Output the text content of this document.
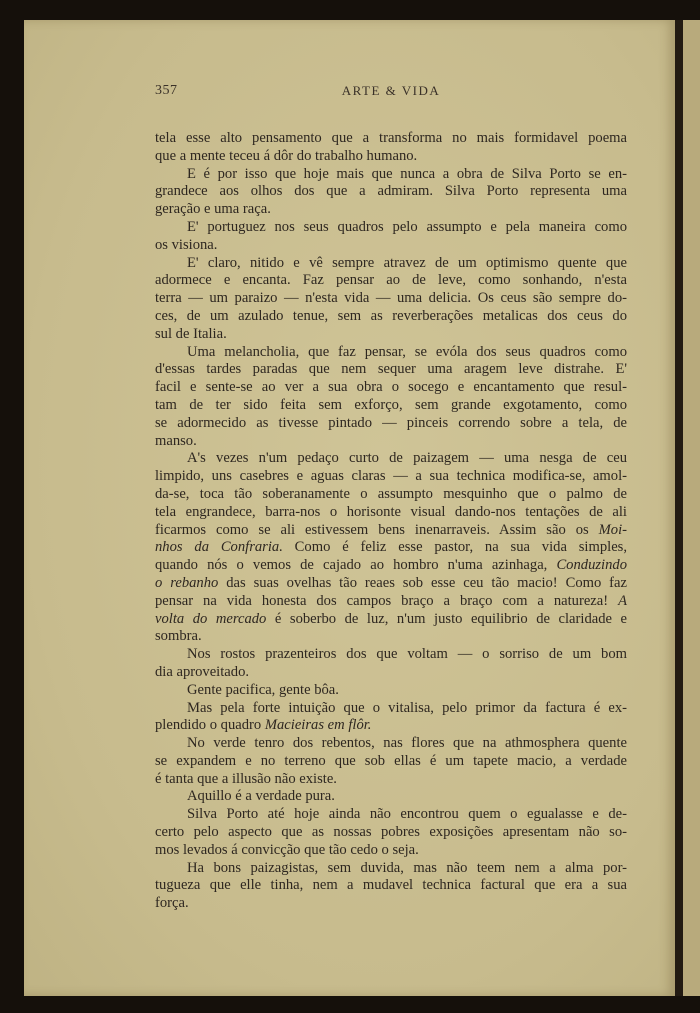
357	ARTE & VIDA
tela esse alto pensamento que a transforma no mais formidavel poema
que a mente teceu á dôr do trabalho humano.
E é por isso que hoje mais que nunca a obra de Silva Porto se en-
grandece aos olhos dos que a admiram. Silva Porto representa uma
geração e uma raça.
E' portuguez nos seus quadros pelo assumpto e pela maneira como
os visiona.
E' claro, nitido e vê sempre atravez de um optimismo quente que
adormece e encanta. Faz pensar ao de leve, como sonhando, n'esta
terra — um paraizo — n'esta vida — uma delicia. Os ceus são sempre do-
ces, de um azulado tenue, sem as reverberações metalicas dos ceus do
sul de Italia.
Uma melancholia, que faz pensar, se evóla dos seus quadros como
d'essas tardes paradas que nem sequer uma aragem leve distrahe. E'
facil e sente-se ao ver a sua obra o socego e encantamento que resul-
tam de ter sido feita sem exforço, sem grande exgotamento, como
se adormecido as tivesse pintado — pinceis correndo sobre a tela, de
manso.
A's vezes n'um pedaço curto de paizagem — uma nesga de ceu
limpido, uns casebres e aguas claras — a sua technica modifica-se, amol-
da-se, toca tão soberanamente o assumpto mesquinho que o palmo de
tela engrandece, barra-nos o horisonte visual dando-nos tentações de ali
ficarmos como se ali estivessem bens inenarraveis. Assim são os Moi-
nhos da Confraria. Como é feliz esse pastor, na sua vida simples,
quando nós o vemos de cajado ao hombro n'uma azinhaga, Conduzindo
o rebanho das suas ovelhas tão reaes sob esse ceu tão macio! Como faz
pensar na vida honesta dos campos braço a braço com a natureza! A
volta do mercado é soberbo de luz, n'um justo equilibrio de claridade e
sombra.
Nos rostos prazenteiros dos que voltam — o sorriso de um bom
dia aproveitado.
Gente pacifica, gente bôa.
Mas pela forte intuição que o vitalisa, pelo primor da factura é ex-
plendido o quadro Macieiras em flôr.
No verde tenro dos rebentos, nas flores que na athmosphera quente
se expandem e no terreno que sob ellas é um tapete macio, a verdade
é tanta que a illusão não existe.
Aquillo é a verdade pura.
Silva Porto até hoje ainda não encontrou quem o egualasse e de-
certo pelo aspecto que as nossas pobres exposições apresentam não so-
mos levados á convicção que tão cedo o seja.
Ha bons paizagistas, sem duvida, mas não teem nem a alma por-
tugueza que elle tinha, nem a mudavel technica factural que era a sua
força.
